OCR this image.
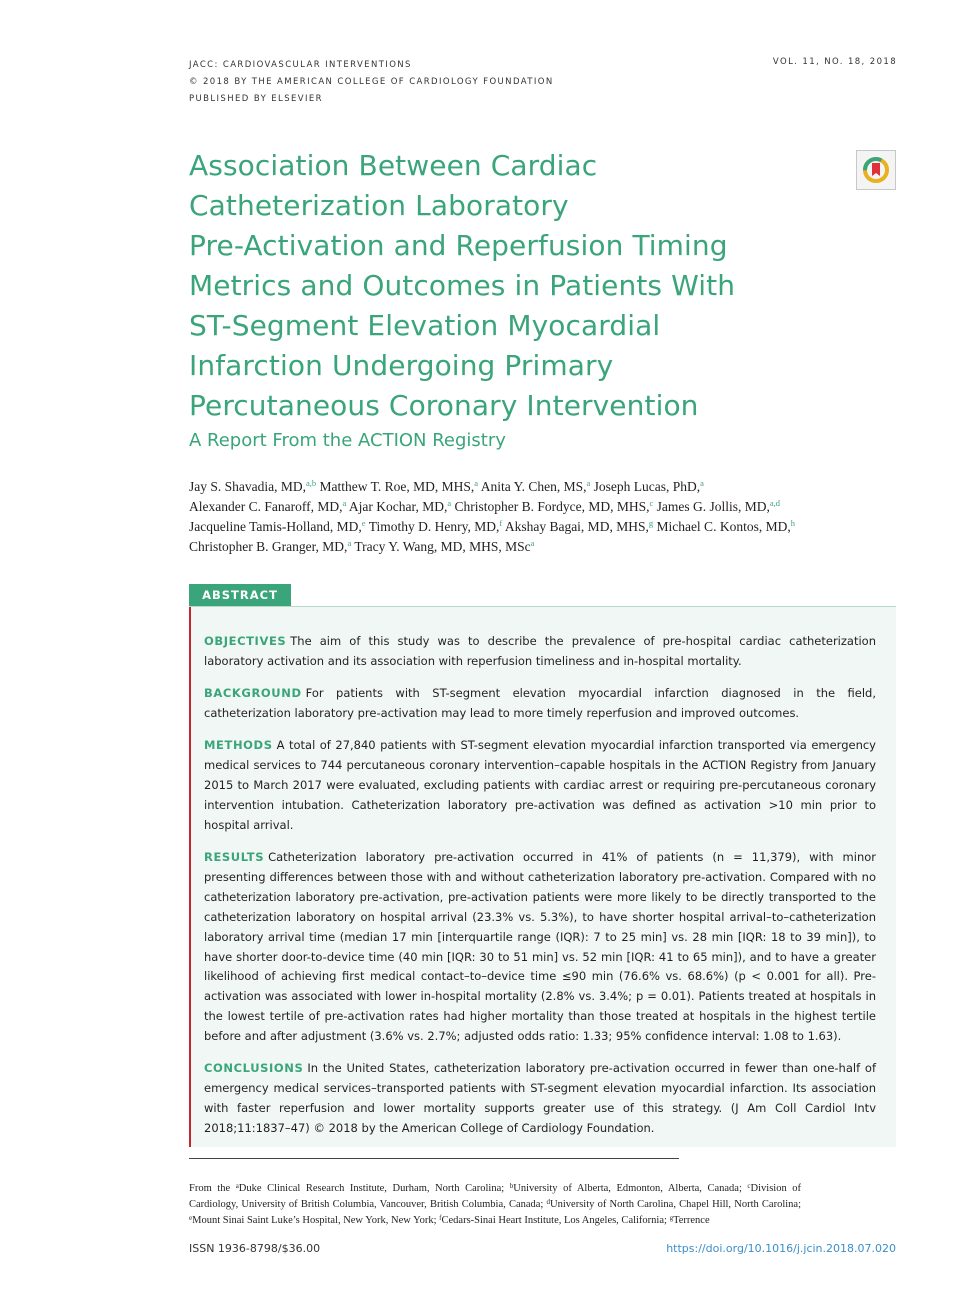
JACC: CARDIOVASCULAR INTERVENTIONS
© 2018 BY THE AMERICAN COLLEGE OF CARDIOLOGY FOUNDATION
PUBLISHED BY ELSEVIER
VOL. 11, NO. 18, 2018
Association Between Cardiac
Catheterization Laboratory
Pre-Activation and Reperfusion Timing
Metrics and Outcomes in Patients With
ST-Segment Elevation Myocardial
Infarction Undergoing Primary
Percutaneous Coronary Intervention
A Report From the ACTION Registry
Jay S. Shavadia, MD,$^{a,b}$ Matthew T. Roe, MD, MHS,$^a$ Anita Y. Chen, MS,$^a$ Joseph Lucas, PhD,$^a$
Alexander C. Fanaroff, MD,$^a$ Ajar Kochar, MD,$^a$ Christopher B. Fordyce, MD, MHS,$^c$ James G. Jollis, MD,$^{a,d}$
Jacqueline Tamis-Holland, MD,$^e$ Timothy D. Henry, MD,$^f$ Akshay Bagai, MD, MHS,$^g$ Michael C. Kontos, MD,$^h$
Christopher B. Granger, MD,$^a$ Tracy Y. Wang, MD, MHS, MSc$^a$
ABSTRACT

OBJECTIVES The aim of this study was to describe the prevalence of pre-hospital cardiac catheterization laboratory activation and its association with reperfusion timeliness and in-hospital mortality.

BACKGROUND For patients with ST-segment elevation myocardial infarction diagnosed in the field, catheterization laboratory pre-activation may lead to more timely reperfusion and improved outcomes.

METHODS A total of 27,840 patients with ST-segment elevation myocardial infarction transported via emergency medical services to 744 percutaneous coronary intervention–capable hospitals in the ACTION Registry from January 2015 to March 2017 were evaluated, excluding patients with cardiac arrest or requiring pre-percutaneous coronary intervention intubation. Catheterization laboratory pre-activation was defined as activation >10 min prior to hospital arrival.

RESULTS Catheterization laboratory pre-activation occurred in 41% of patients (n = 11,379), with minor presenting differences between those with and without catheterization laboratory pre-activation. Compared with no catheterization laboratory pre-activation, pre-activation patients were more likely to be directly transported to the catheterization laboratory on hospital arrival (23.3% vs. 5.3%), to have shorter hospital arrival–to–catheterization laboratory arrival time (median 17 min [interquartile range (IQR): 7 to 25 min] vs. 28 min [IQR: 18 to 39 min]), to have shorter door-to-device time (40 min [IQR: 30 to 51 min] vs. 52 min [IQR: 41 to 65 min]), and to have a greater likelihood of achieving first medical contact–to–device time ≤90 min (76.6% vs. 68.6%) (p < 0.001 for all). Pre-activation was associated with lower in-hospital mortality (2.8% vs. 3.4%; p = 0.01). Patients treated at hospitals in the lowest tertile of pre-activation rates had higher mortality than those treated at hospitals in the highest tertile before and after adjustment (3.6% vs. 2.7%; adjusted odds ratio: 1.33; 95% confidence interval: 1.08 to 1.63).

CONCLUSIONS In the United States, catheterization laboratory pre-activation occurred in fewer than one-half of emergency medical services–transported patients with ST-segment elevation myocardial infarction. Its association with faster reperfusion and lower mortality supports greater use of this strategy. (J Am Coll Cardiol Intv 2018;11:1837–47) © 2018 by the American College of Cardiology Foundation.

From the $^a$Duke Clinical Research Institute, Durham, North Carolina; $^b$University of Alberta, Edmonton, Alberta, Canada; $^c$Division of Cardiology, University of British Columbia, Vancouver, British Columbia, Canada; $^d$University of North Carolina, Chapel Hill, North Carolina; $^e$Mount Sinai Saint Luke’s Hospital, New York, New York; $^f$Cedars-Sinai Heart Institute, Los Angeles, California; $^g$Terrence
ISSN 1936-8798/$36.00	https://doi.org/10.1016/j.jcin.2018.07.020
